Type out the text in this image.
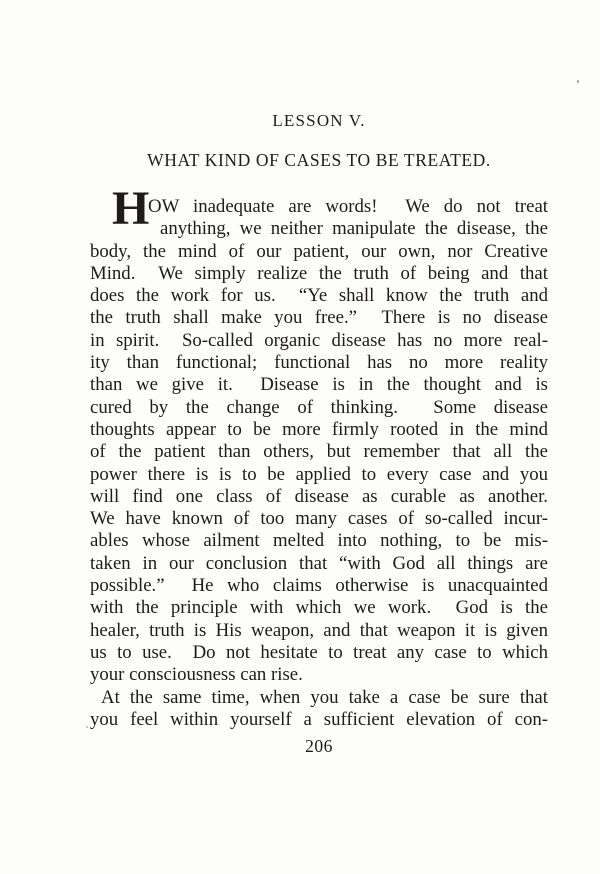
LESSON V.
WHAT KIND OF CASES TO BE TREATED.
H
OW inadequate are words!  We do not treat
anything, we neither manipulate the disease, the
body, the mind of our patient, our own, nor Creative
Mind.  We simply realize the truth of being and that
does the work for us.  “Ye shall know the truth and
the truth shall make you free.”  There is no disease
in spirit.  So-called organic disease has no more real-
ity than functional; functional has no more reality
than we give it.  Disease is in the thought and is
cured by the change of thinking.  Some disease
thoughts appear to be more firmly rooted in the mind
of the patient than others, but remember that all the
power there is is to be applied to every case and you
will find one class of disease as curable as another.
We have known of too many cases of so-called incur-
ables whose ailment melted into nothing, to be mis-
taken in our conclusion that “with God all things are
possible.”  He who claims otherwise is unacquainted
with the principle with which we work.  God is the
healer, truth is His weapon, and that weapon it is given
us to use.  Do not hesitate to treat any case to which
your consciousness can rise.
At the same time, when you take a case be sure that
you feel within yourself a sufficient elevation of con-
206
